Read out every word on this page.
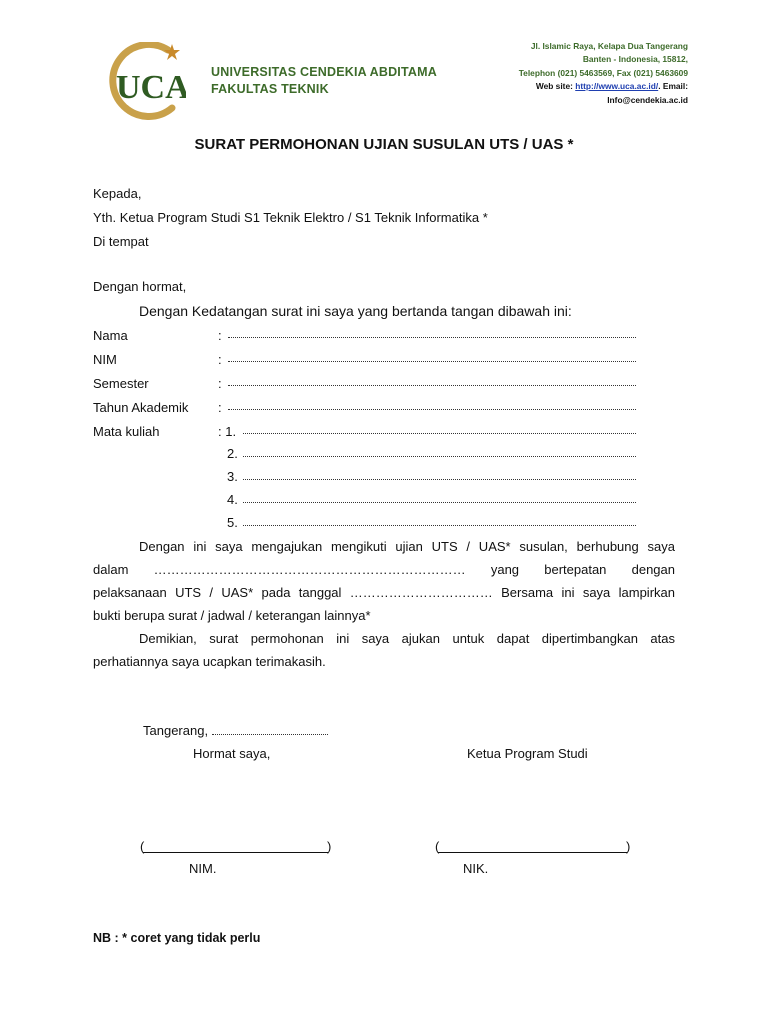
UCA UNIVERSITAS CENDEKIA ABDITAMA
FAKULTAS TEKNIK
Jl. Islamic Raya, Kelapa Dua Tangerang
Banten - Indonesia, 15812,
Telephon (021) 5463569, Fax (021) 5463609
Web site: http://www.uca.ac.id/. Email:
Info@cendekia.ac.id
SURAT PERMOHONAN UJIAN SUSULAN UTS / UAS *
Kepada,
Yth. Ketua Program Studi S1 Teknik Elektro / S1 Teknik Informatika *
Di tempat
Dengan hormat,
Dengan Kedatangan surat ini saya yang bertanda tangan dibawah ini:
Nama	:
NIM	:
Semester	:
Tahun Akademik :
Mata kuliah	: 1.
2.
3.
4.
5.
Dengan ini saya mengajukan mengikuti ujian UTS / UAS* susulan, berhubung saya
dalam ……………………………………………………………… yang bertepatan dengan
pelaksanaan UTS / UAS* pada tanggal …………………………… Bersama ini saya lampirkan
bukti berupa surat / jadwal / keterangan lainnya*
Demikian, surat permohonan ini saya ajukan untuk dapat dipertimbangkan atas
perhatiannya saya ucapkan terimakasih.
Tangerang,
Hormat saya,	Ketua Program Studi
(	)	(	)
NIM.	NIK.
NB : * coret yang tidak perlu
